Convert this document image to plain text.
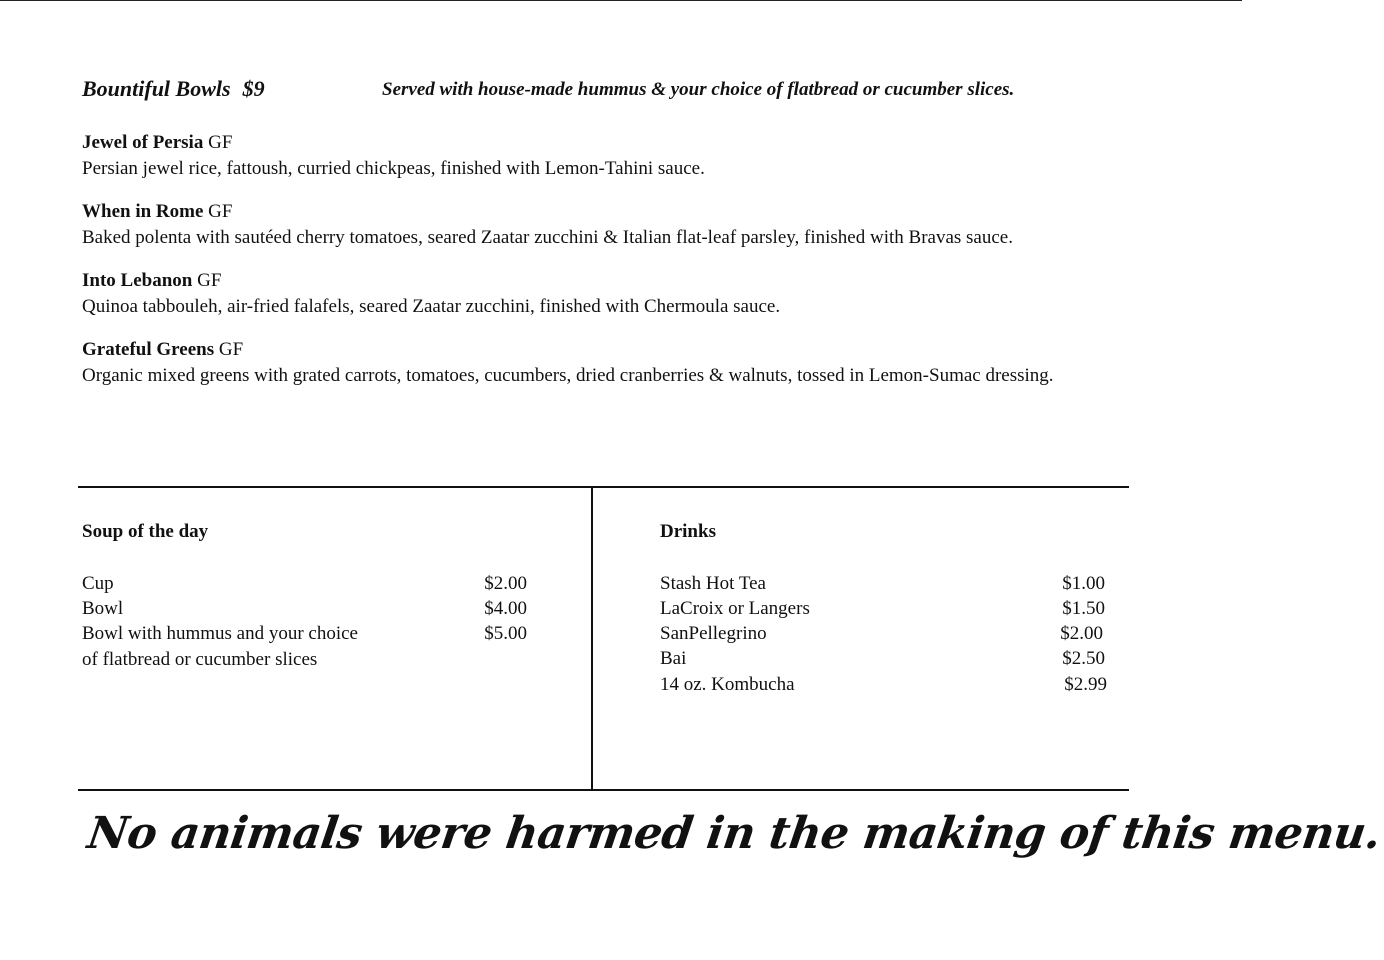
Bountiful Bowls $9	Served with house-made hummus & your choice of flatbread or cucumber slices.
Jewel of Persia GF
Persian jewel rice, fattoush, curried chickpeas, finished with Lemon-Tahini sauce.
When in Rome GF
Baked polenta with sautéed cherry tomatoes, seared Zaatar zucchini & Italian flat-leaf parsley, finished with Bravas sauce.
Into Lebanon GF
Quinoa tabbouleh, air-fried falafels, seared Zaatar zucchini, finished with Chermoula sauce.
Grateful Greens GF
Organic mixed greens with grated carrots, tomatoes, cucumbers, dried cranberries & walnuts, tossed in Lemon-Sumac dressing.
Soup of the day
Cup	$2.00
Bowl	$4.00
Bowl with hummus and your choice	$5.00
of flatbread or cucumber slices
Drinks
Stash Hot Tea	$1.00
LaCroix or Langers	$1.50
SanPellegrino	$2.00
Bai	$2.50
14 oz. Kombucha	$2.99
No animals were harmed in the making of this menu.
